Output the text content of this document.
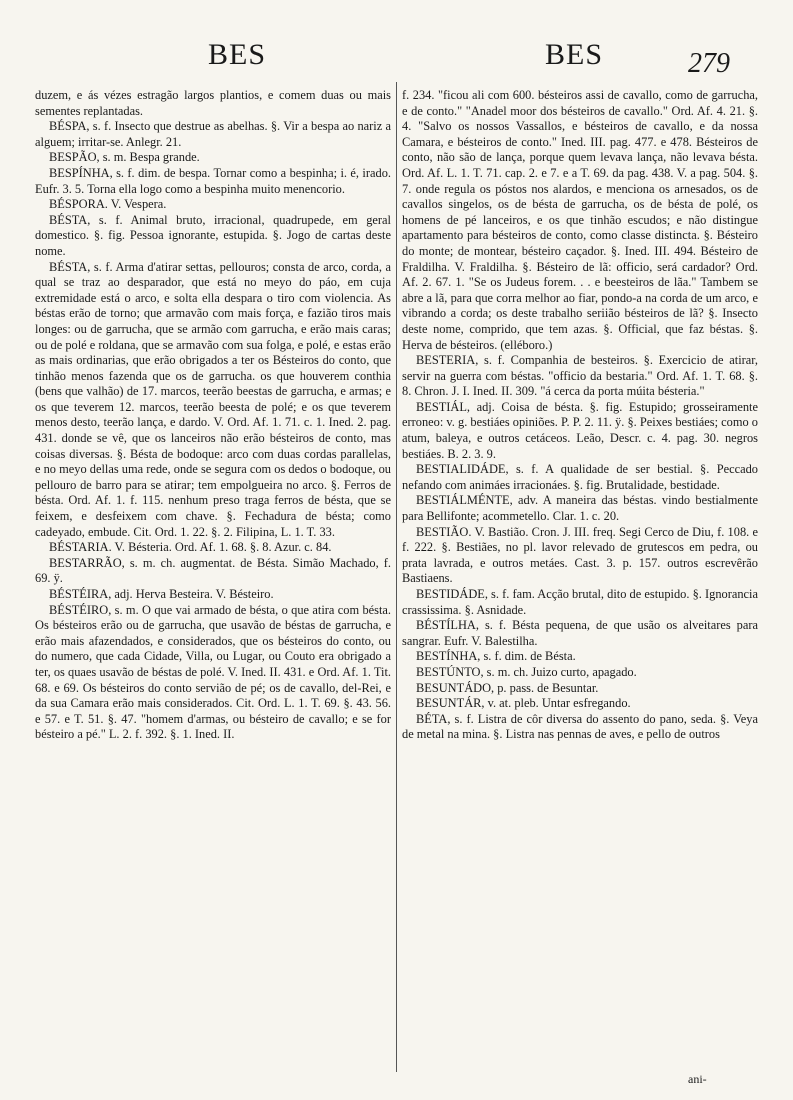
BES	BES	279

duzem, e ás vézes estragão largos plantios, e comem duas ou mais sementes replantadas.

BÉSPA, s. f. Insecto que destrue as abelhas. §. Vir a bespa ao nariz a alguem; irritar-se. Anlegr. 21.

BESPÃO, s. m. Bespa grande.

BESPÍNHA, s. f. dim. de bespa. Tornar como a bespinha; i. é, irado. Eufr. 3. 5. Torna ella logo como a bespinha muito menencorio.

BÉSPORA. V. Vespera.

BÉSTA, s. f. Animal bruto, irracional, quadrupede, em geral domestico. §. fig. Pessoa ignorante, estupida. §. Jogo de cartas deste nome.

BÉSTA, s. f. Arma d'atirar settas, pellouros; consta de arco, corda, a qual se traz ao desparador, que está no meyo do páo, em cuja extremidade está o arco, e solta ella despara o tiro com violencia. As béstas erão de torno; que armavão com mais força, e fazião tiros mais longes: ou de garrucha, que se armão com garrucha, e erão mais caras; ou de polé e roldana, que se armavão com sua folga, e polé, e estas erão as mais ordinarias, que erão obrigados a ter os Bésteiros do conto, que tinhão menos fazenda que os de garrucha. os que houverem conthia (bens que valhão) de 17. marcos, teerão beestas de garrucha, e armas; e os que teverem 12. marcos, teerão beesta de polé; e os que teverem menos desto, teerão lança, e dardo. V. Ord. Af. 1. 71. c. 1. Ined. 2. pag. 431. donde se vê, que os lanceiros não erão bésteiros de conto, mas coisas diversas. §. Bésta de bodoque: arco com duas cordas parallelas, e no meyo dellas uma rede, onde se segura com os dedos o bodoque, ou pellouro de barro para se atirar; tem empolgueira no arco. §. Ferros de bésta. Ord. Af. 1. f. 115. nenhum preso traga ferros de bésta, que se feixem, e desfeixem com chave. §. Fechadura de bésta; como cadeyado, embude. Cit. Ord. 1. 22. §. 2. Filipina, L. 1. T. 33.

BÉSTARIA. V. Bésteria. Ord. Af. 1. 68. §. 8. Azur. c. 84.

BESTARRÃO, s. m. ch. augmentat. de Bésta. Simão Machado, f. 69. ÿ.

BÉSTÉIRA, adj. Herva Besteira. V. Bésteiro.

BÉSTÉIRO, s. m. O que vai armado de bésta, o que atira com bésta. Os bésteiros erão ou de garrucha, que usavão de béstas de garrucha, e erão mais afazendados, e considerados, que os bésteiros do conto, ou do numero, que cada Cidade, Villa, ou Lugar, ou Couto era obrigado a ter, os quaes usavão de béstas de polé. V. Ined. II. 431. e Ord. Af. 1. Tit. 68. e 69. Os bésteiros do conto servião de pé; os de cavallo, del-Rei, e da sua Camara erão mais considerados. Cit. Ord. L. 1. T. 69. §. 43. 56. e 57. e T. 51. §. 47. "homem d'armas, ou bésteiro de cavallo; e se for bésteiro a pé." L. 2. f. 392. §. 1. Ined. II.

f. 234. "ficou ali com 600. bésteiros assi de cavallo, como de garrucha, e de conto." "Anadel moor dos bésteiros de cavallo." Ord. Af. 4. 21. §. 4. "Salvo os nossos Vassallos, e bésteiros de cavallo, e da nossa Camara, e bésteiros de conto." Ined. III. pag. 477. e 478. Bésteiros de conto, não são de lança, porque quem levava lança, não levava bésta. Ord. Af. L. 1. T. 71. cap. 2. e 7. e a T. 69. da pag. 438. V. a pag. 504. §. 7. onde regula os póstos nos alardos, e menciona os arnesados, os de cavallos singelos, os de bésta de garrucha, os de bésta de polé, os homens de pé lanceiros, e os que tinhão escudos; e não distingue apartamento para bésteiros de conto, como classe distincta. §. Bésteiro do monte; de montear, bésteiro caçador. §. Ined. III. 494. Bésteiro de Fraldilha. V. Fraldilha. §. Bésteiro de lã: officio, será cardador? Ord. Af. 2. 67. 1. "Se os Judeus forem. . . e beesteiros de lãa." Tambem se abre a lã, para que corra melhor ao fiar, pondo-a na corda de um arco, e vibrando a corda; os deste trabalho seriião bésteiros de lã? §. Insecto deste nome, comprido, que tem azas. §. Official, que faz béstas. §. Herva de bésteiros. (elléboro.)

BESTERIA, s. f. Companhia de besteiros. §. Exercicio de atirar, servir na guerra com béstas. "officio da bestaria." Ord. Af. 1. T. 68. §. 8. Chron. J. I. Ined. II. 309. "á cerca da porta múita bésteria."

BESTIÁL, adj. Coisa de bésta. §. fig. Estupido; grosseiramente erroneo: v. g. bestiáes opiniões. P. P. 2. 11. ÿ. §. Peixes bestiáes; como o atum, baleya, e outros cetáceos. Leão, Descr. c. 4. pag. 30. negros bestiáes. B. 2. 3. 9.

BESTIALIDÁDE, s. f. A qualidade de ser bestial. §. Peccado nefando com animáes irracionáes. §. fig. Brutalidade, bestidade.

BESTIÁLMÉNTE, adv. A maneira das béstas. vindo bestialmente para Bellifonte; acommetello. Clar. 1. c. 20.

BESTIÃO. V. Bastião. Cron. J. III. freq. Segi Cerco de Diu, f. 108. e f. 222. §. Bestiães, no pl. lavor relevado de grutescos em pedra, ou prata lavrada, e outros metáes. Cast. 3. p. 157. outros escrevêrão Bastiaens.

BESTIDÁDE, s. f. fam. Acção brutal, dito de estupido. §. Ignorancia crassissima. §. Asnidade.

BÉSTÍLHA, s. f. Bésta pequena, de que usão os alveitares para sangrar. Eufr. V. Balestilha.

BESTÍNHA, s. f. dim. de Bésta.

BESTÚNTO, s. m. ch. Juizo curto, apagado.

BESUNTÁDO, p. pass. de Besuntar.

BESUNTÁR, v. at. pleb. Untar esfregando.

BÉTA, s. f. Listra de côr diversa do assento do pano, seda. §. Veya de metal na mina. §. Listra nas pennas de aves, e pello de outros

ani-
